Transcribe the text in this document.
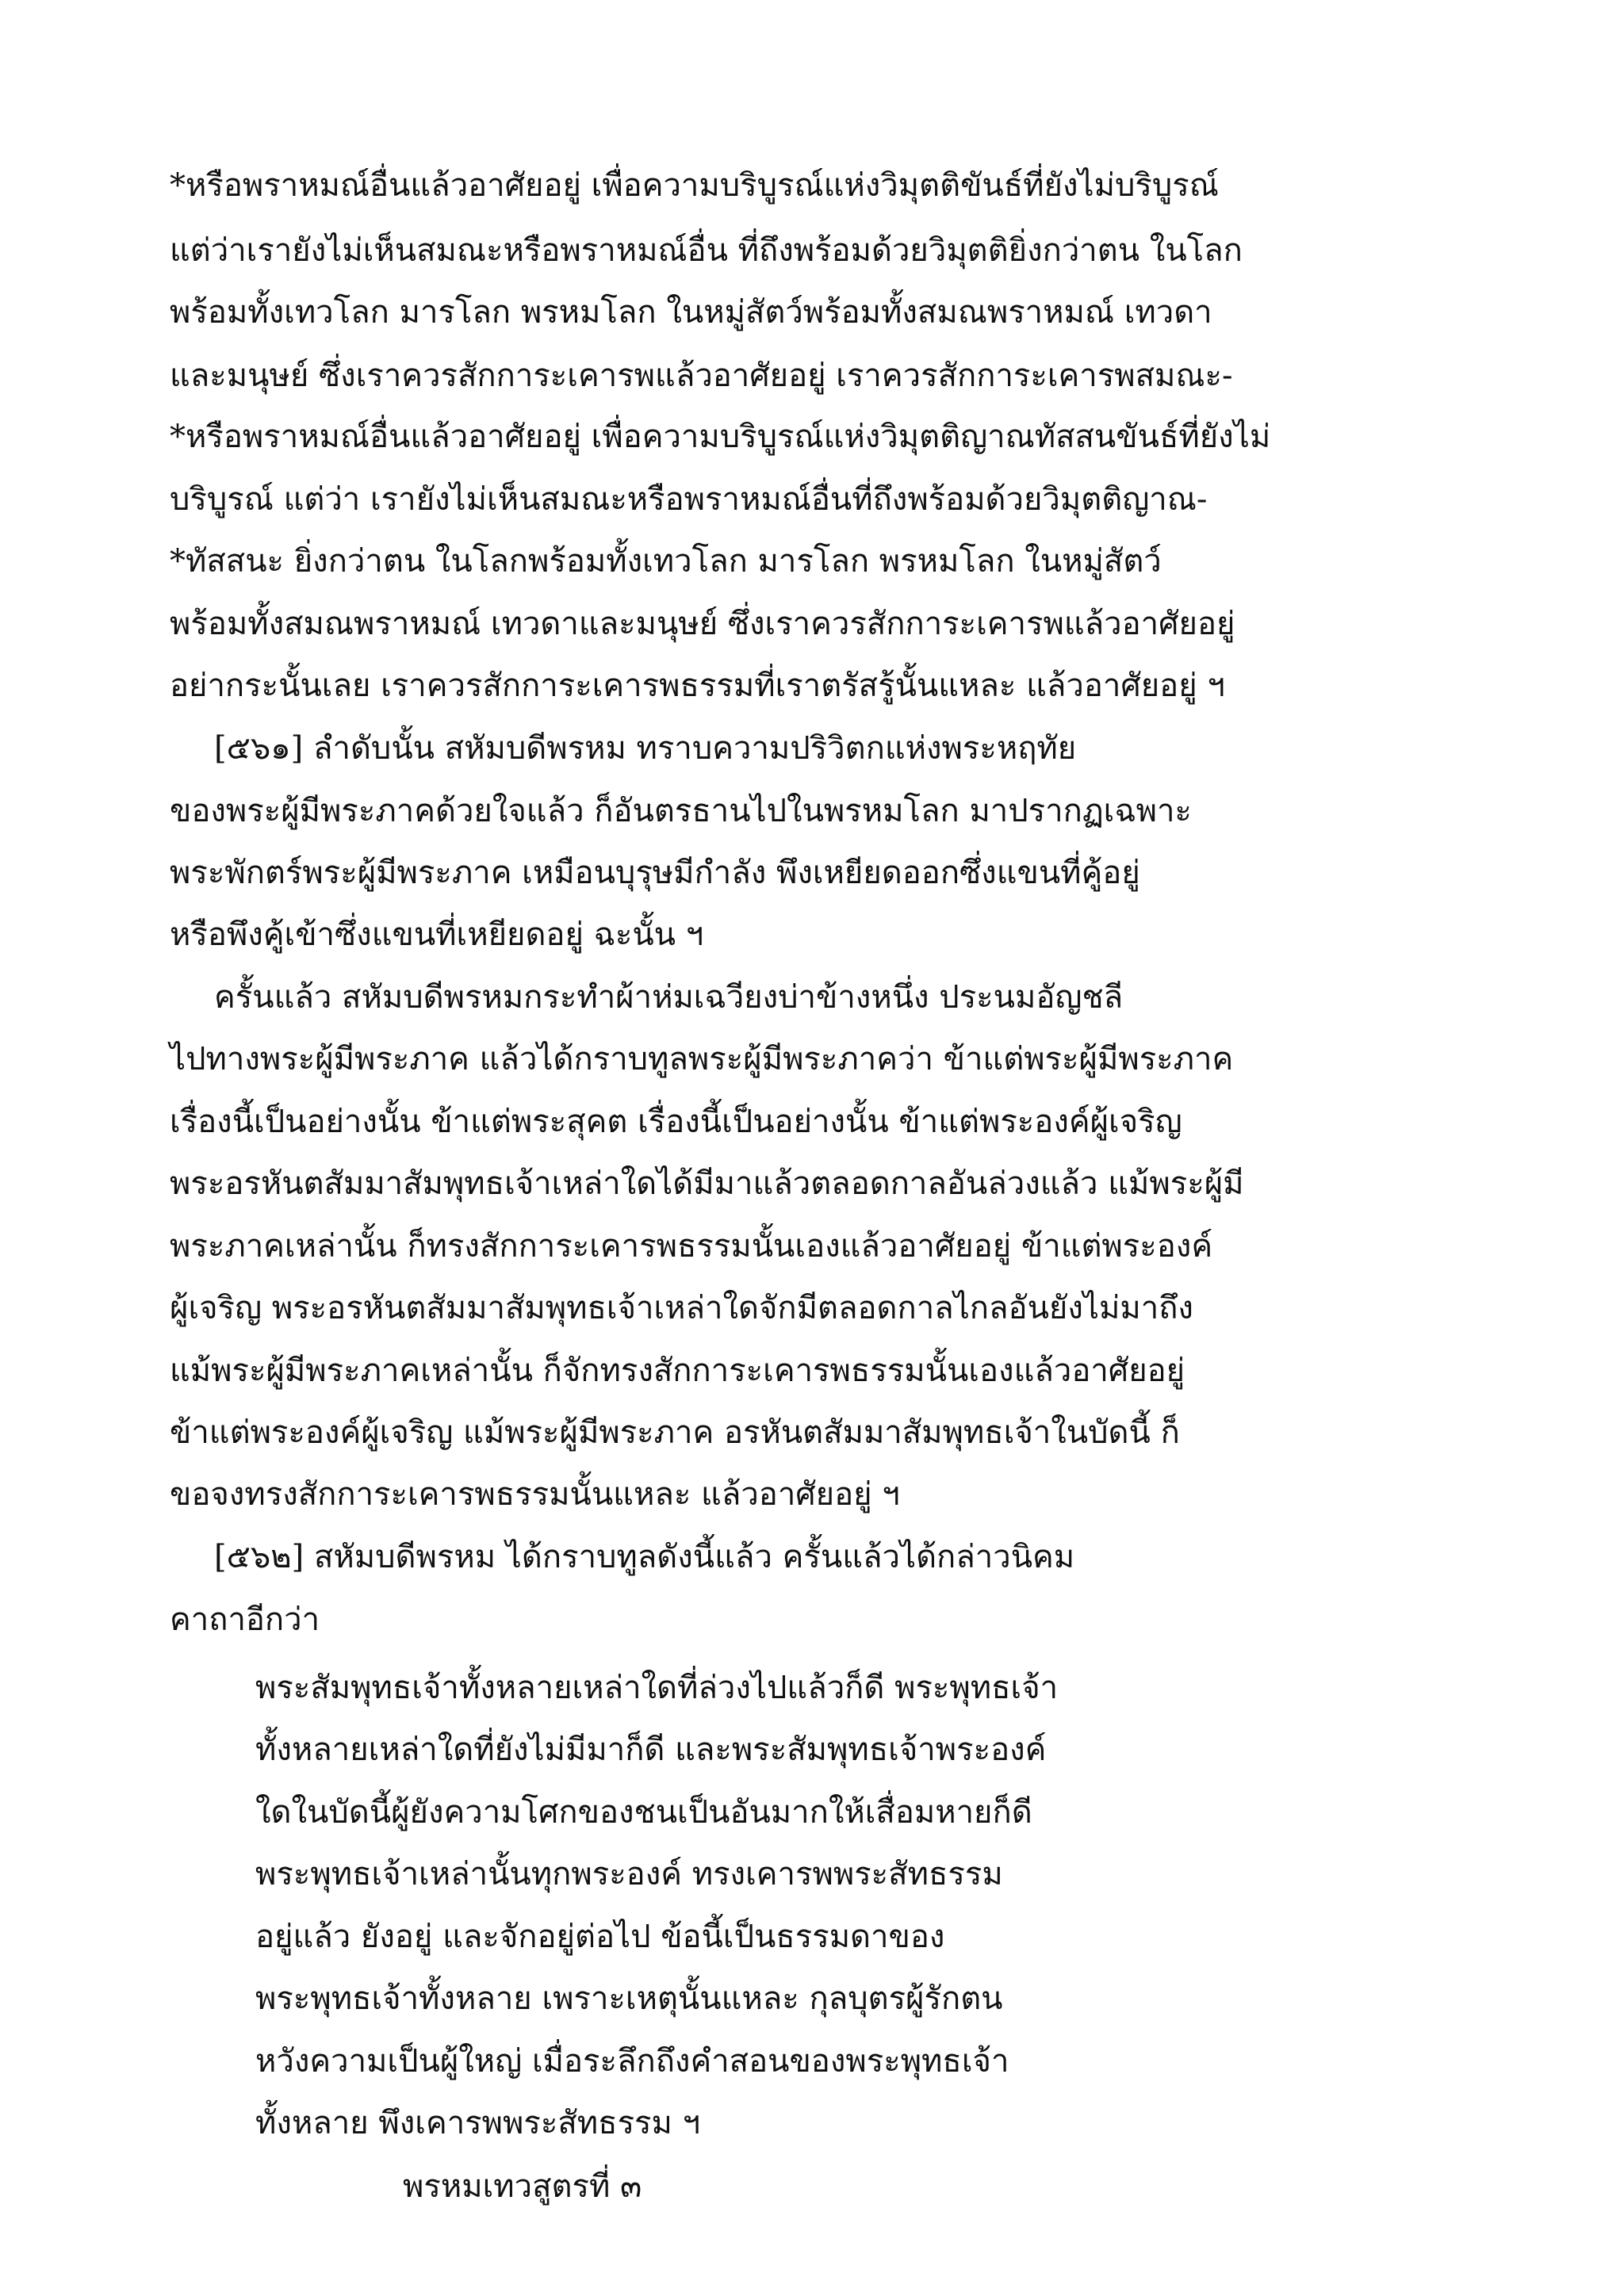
*หรือพราหมณ์อื่นแล้วอาศัยอยู่ เพื่อความบริบูรณ์แห่งวิมุตติขันธ์ที่ยังไม่บริบูรณ์
แต่ว่าเรายังไม่เห็นสมณะหรือพราหมณ์อื่น ที่ถึงพร้อมด้วยวิมุตติยิ่งกว่าตน ในโลก
พร้อมทั้งเทวโลก มารโลก พรหมโลก ในหมู่สัตว์พร้อมทั้งสมณพราหมณ์ เทวดา
และมนุษย์ ซึ่งเราควรสักการะเคารพแล้วอาศัยอยู่ เราควรสักการะเคารพสมณะ-
*หรือพราหมณ์อื่นแล้วอาศัยอยู่ เพื่อความบริบูรณ์แห่งวิมุตติญาณทัสสนขันธ์ที่ยังไม่
บริบูรณ์ แต่ว่า เรายังไม่เห็นสมณะหรือพราหมณ์อื่นที่ถึงพร้อมด้วยวิมุตติญาณ-
*ทัสสนะ ยิ่งกว่าตน ในโลกพร้อมทั้งเทวโลก มารโลก พรหมโลก ในหมู่สัตว์
พร้อมทั้งสมณพราหมณ์ เทวดาและมนุษย์ ซึ่งเราควรสักการะเคารพแล้วอาศัยอยู่
อย่ากระนั้นเลย เราควรสักการะเคารพธรรมที่เราตรัสรู้นั้นแหละ แล้วอาศัยอยู่ ฯ
[๕๖๑] ลำดับนั้น สหัมบดีพรหม ทราบความปริวิตกแห่งพระหฤทัย
ของพระผู้มีพระภาคด้วยใจแล้ว ก็อันตรธานไปในพรหมโลก มาปรากฏเฉพาะ
พระพักตร์พระผู้มีพระภาค เหมือนบุรุษมีกำลัง พึงเหยียดออกซึ่งแขนที่คู้อยู่
หรือพึงคู้เข้าซึ่งแขนที่เหยียดอยู่ ฉะนั้น ฯ
ครั้นแล้ว สหัมบดีพรหมกระทำผ้าห่มเฉวียงบ่าข้างหนึ่ง ประนมอัญชลี
ไปทางพระผู้มีพระภาค แล้วได้กราบทูลพระผู้มีพระภาคว่า ข้าแต่พระผู้มีพระภาค
เรื่องนี้เป็นอย่างนั้น ข้าแต่พระสุคต เรื่องนี้เป็นอย่างนั้น ข้าแต่พระองค์ผู้เจริญ
พระอรหันตสัมมาสัมพุทธเจ้าเหล่าใดได้มีมาแล้วตลอดกาลอันล่วงแล้ว แม้พระผู้มี
พระภาคเหล่านั้น ก็ทรงสักการะเคารพธรรมนั้นเองแล้วอาศัยอยู่ ข้าแต่พระองค์
ผู้เจริญ พระอรหันตสัมมาสัมพุทธเจ้าเหล่าใดจักมีตลอดกาลไกลอันยังไม่มาถึง
แม้พระผู้มีพระภาคเหล่านั้น ก็จักทรงสักการะเคารพธรรมนั้นเองแล้วอาศัยอยู่
ข้าแต่พระองค์ผู้เจริญ แม้พระผู้มีพระภาค อรหันตสัมมาสัมพุทธเจ้าในบัดนี้ ก็
ขอจงทรงสักการะเคารพธรรมนั้นแหละ แล้วอาศัยอยู่ ฯ
[๕๖๒] สหัมบดีพรหม ได้กราบทูลดังนี้แล้ว ครั้นแล้วได้กล่าวนิคม
คาถาอีกว่า
พระสัมพุทธเจ้าทั้งหลายเหล่าใดที่ล่วงไปแล้วก็ดี พระพุทธเจ้า
ทั้งหลายเหล่าใดที่ยังไม่มีมาก็ดี และพระสัมพุทธเจ้าพระองค์
ใดในบัดนี้ผู้ยังความโศกของชนเป็นอันมากให้เสื่อมหายก็ดี
พระพุทธเจ้าเหล่านั้นทุกพระองค์ ทรงเคารพพระสัทธรรม
อยู่แล้ว ยังอยู่ และจักอยู่ต่อไป ข้อนี้เป็นธรรมดาของ
พระพุทธเจ้าทั้งหลาย เพราะเหตุนั้นแหละ กุลบุตรผู้รักตน
หวังความเป็นผู้ใหญ่ เมื่อระลึกถึงคำสอนของพระพุทธเจ้า
ทั้งหลาย พึงเคารพพระสัทธรรม ฯ
พรหมเทวสูตรที่ ๓
